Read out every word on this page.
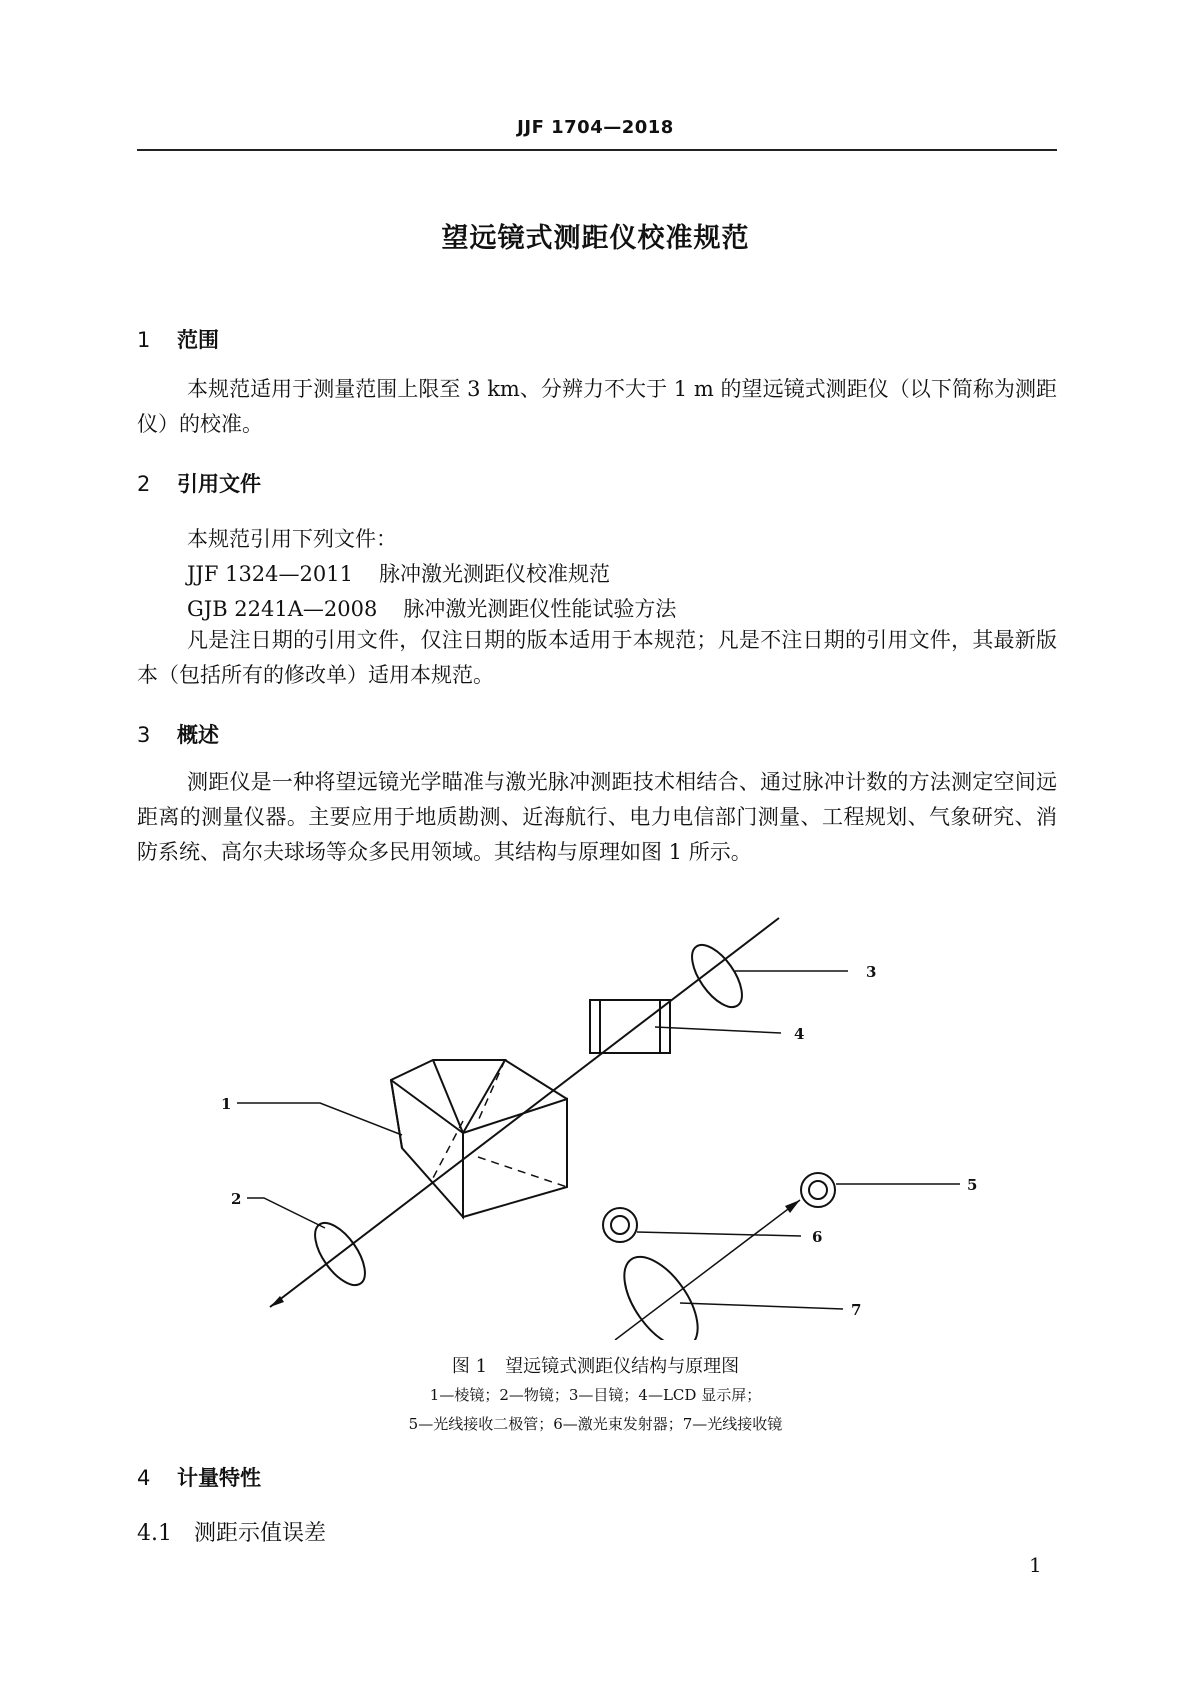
JJF 1704—2018
望远镜式测距仪校准规范
1 范围
本规范适用于测量范围上限至 3 km、分辨力不大于 1 m 的望远镜式测距仪（以下简称为测距仪）的校准。
2 引用文件
本规范引用下列文件：
JJF 1324—2011 脉冲激光测距仪校准规范
GJB 2241A—2008 脉冲激光测距仪性能试验方法
凡是注日期的引用文件，仅注日期的版本适用于本规范；凡是不注日期的引用文件，其最新版本（包括所有的修改单）适用本规范。
3 概述
测距仪是一种将望远镜光学瞄准与激光脉冲测距技术相结合、通过脉冲计数的方法测定空间远距离的测量仪器。主要应用于地质勘测、近海航行、电力电信部门测量、工程规划、气象研究、消防系统、高尔夫球场等众多民用领域。其结构与原理如图 1 所示。
1
2
3
4
5
6
7
图 1　望远镜式测距仪结构与原理图
1—棱镜；2—物镜；3—目镜；4—LCD 显示屏；
5—光线接收二极管；6—激光束发射器；7—光线接收镜
4 计量特性
4.1 测距示值误差
1
